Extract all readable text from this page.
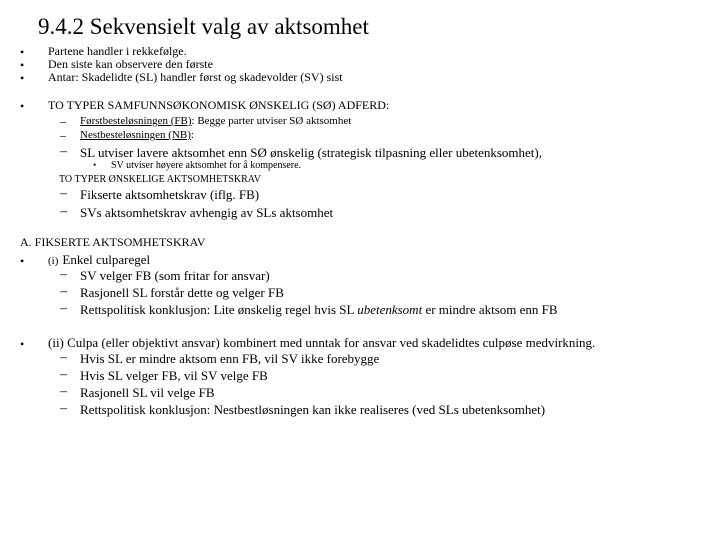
9.4.2 Sekvensielt valg av aktsomhet
• Partene handler i rekkefølge.
• Den siste kan observere den første
• Antar: Skadelidte (SL) handler først og skadevolder (SV) sist
• TO TYPER SAMFUNNSØKONOMISK ØNSKELIG (SØ) ADFERD:
– Førstbesteløsningen (FB): Begge parter utviser SØ aktsomhet
– Nestbesteløsningen (NB):
– SL utviser lavere aktsomhet enn SØ ønskelig (strategisk tilpasning eller ubetenksomhet),
• SV utviser høyere aktsomhet for å kompensere.
TO TYPER ØNSKELIGE AKTSOMHETSKRAV
– Fikserte aktsomhetskrav (iflg. FB)
– SVs aktsomhetskrav avhengig av SLs aktsomhet
A. FIKSERTE AKTSOMHETSKRAV
• (i) Enkel culparegel
– SV velger FB (som fritar for ansvar)
– Rasjonell SL forstår dette og velger FB
– Rettspolitisk konklusjon: Lite ønskelig regel hvis SL ubetenksomt er mindre aktsom enn FB
• (ii) Culpa (eller objektivt ansvar) kombinert med unntak for ansvar ved skadelidtes culpøse medvirkning.
– Hvis SL er mindre aktsom enn FB, vil SV ikke forebygge
– Hvis SL velger FB, vil SV velge FB
– Rasjonell SL vil velge FB
– Rettspolitisk konklusjon: Nestbestløsningen kan ikke realiseres (ved SLs ubetenksomhet)
